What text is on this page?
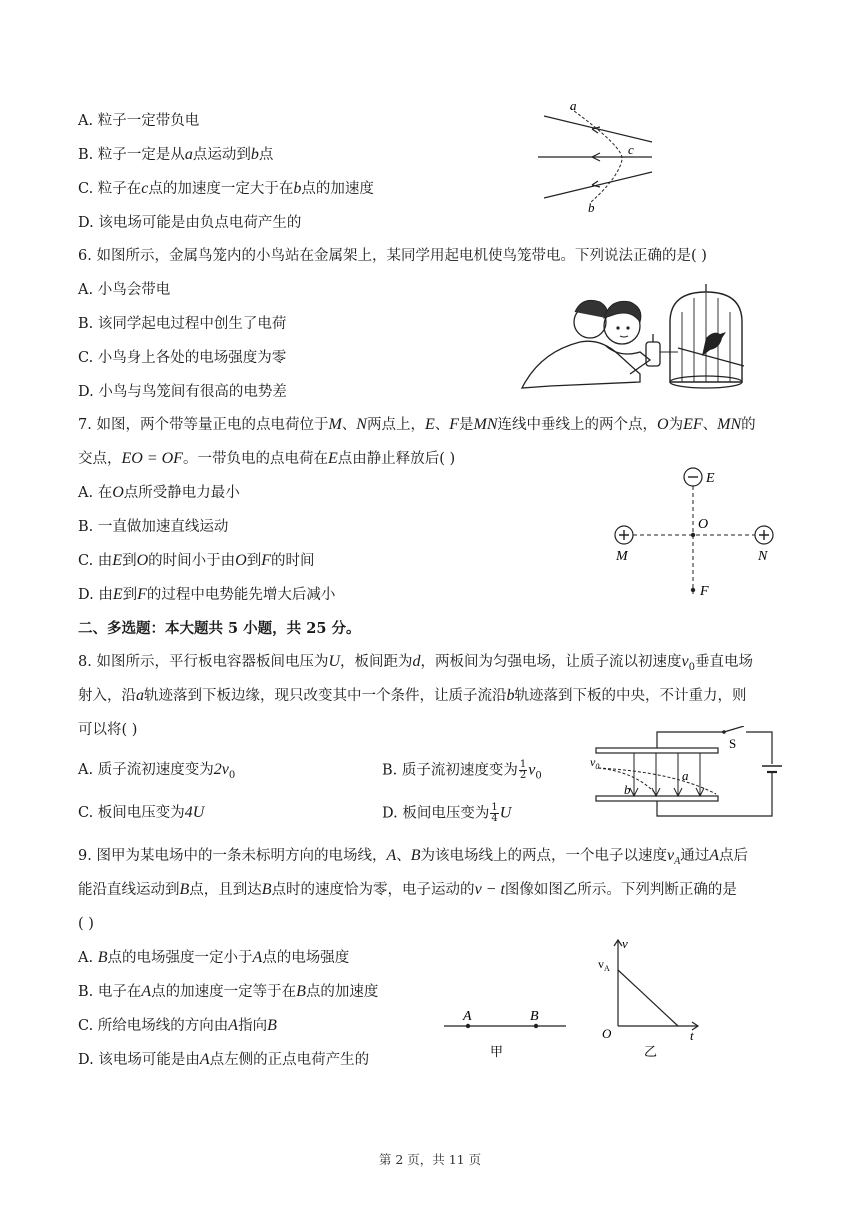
A. 粒子一定带负电
B. 粒子一定是从a点运动到b点
C. 粒子在c点的加速度一定大于在b点的加速度
D. 该电场可能是由负点电荷产生的
a
c
b
6. 如图所示，金属鸟笼内的小鸟站在金属架上，某同学用起电机使鸟笼带电。下列说法正确的是( )
A. 小鸟会带电
B. 该同学起电过程中创生了电荷
C. 小鸟身上各处的电场强度为零
D. 小鸟与鸟笼间有很高的电势差
7. 如图，两个带等量正电的点电荷位于M、N两点上，E、F是MN连线中垂线上的两个点，O为EF、MN的
交点，EO = OF。一带负电的点电荷在E点由静止释放后( )
A. 在O点所受静电力最小
B. 一直做加速直线运动
C. 由E到O的时间小于由O到F的时间
D. 由E到F的过程中电势能先增大后减小
E
O
M	N
F
二、多选题：本大题共 5 小题，共 25 分。
8. 如图所示，平行板电容器板间电压为U，板间距为d，两板间为匀强电场，让质子流以初速度$v_0$垂直电场
射入，沿a轨迹落到下板边缘，现只改变其中一个条件，让质子流沿b轨迹落到下板的中央，不计重力，则
可以将( )
A. 质子流初速度变为$2v_0$	B. 质子流初速度变为 $\frac{1}{2} v_0$
C. 板间电压变为4U	D. 板间电压变为 $\frac{1}{4}$ U
S
$v_0$
a
b
9. 图甲为某电场中的一条未标明方向的电场线，A、B为该电场线上的两点，一个电子以速度$v_A$通过A点后
能沿直线运动到B点，且到达B点时的速度恰为零，电子运动的v − t图像如图乙所示。下列判断正确的是
( )
A. B点的电场强度一定小于A点的电场强度
B. 电子在A点的加速度一定等于在B点的加速度
C. 所给电场线的方向由A指向B
D. 该电场可能是由A点左侧的正点电荷产生的
A	B
甲
v
$v_A$
O	t
乙
第 2 页，共 11 页
